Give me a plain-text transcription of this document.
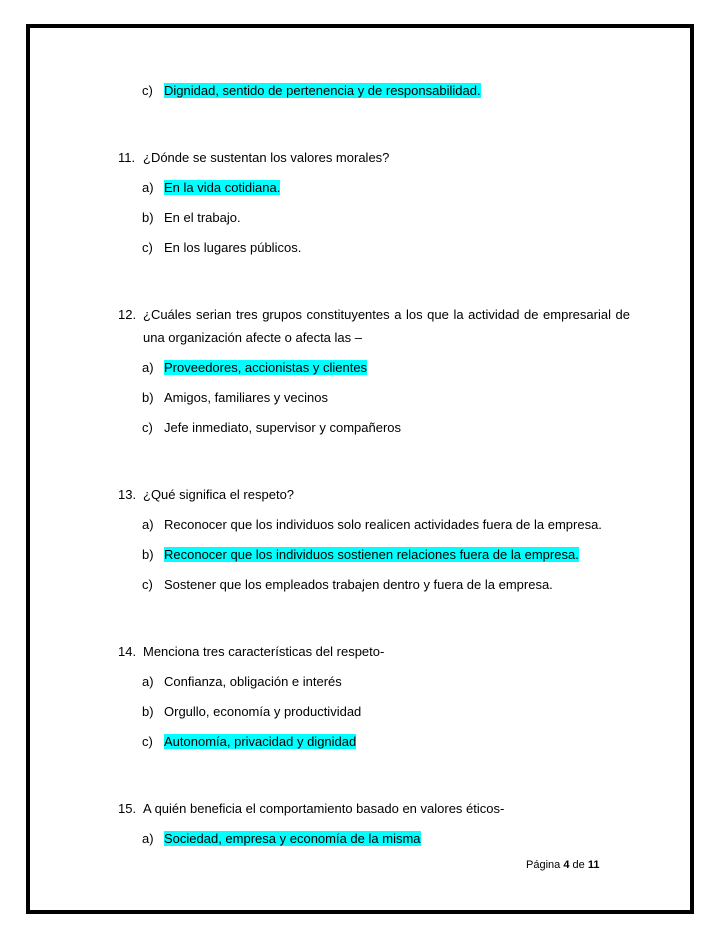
c) Dignidad, sentido de pertenencia y de responsabilidad.

11. ¿Dónde se sustentan los valores morales?

a) En la vida cotidiana.
b) En el trabajo.
c) En los lugares públicos.

12. ¿Cuáles serian tres grupos constituyentes a los que la actividad de empresarial de una organización afecte o afecta las –

a) Proveedores, accionistas y clientes
b) Amigos, familiares y vecinos
c) Jefe inmediato, supervisor y compañeros

13. ¿Qué significa el respeto?

a) Reconocer que los individuos solo realicen actividades fuera de la empresa.
b) Reconocer que los individuos sostienen relaciones fuera de la empresa.
c) Sostener que los empleados trabajen dentro y fuera de la empresa.

14. Menciona tres características del respeto-

a) Confianza, obligación e interés
b) Orgullo, economía y productividad
c) Autonomía, privacidad y dignidad

15. A quién beneficia el comportamiento basado en valores éticos-

a) Sociedad, empresa y economía de la misma
Página 4 de 11
